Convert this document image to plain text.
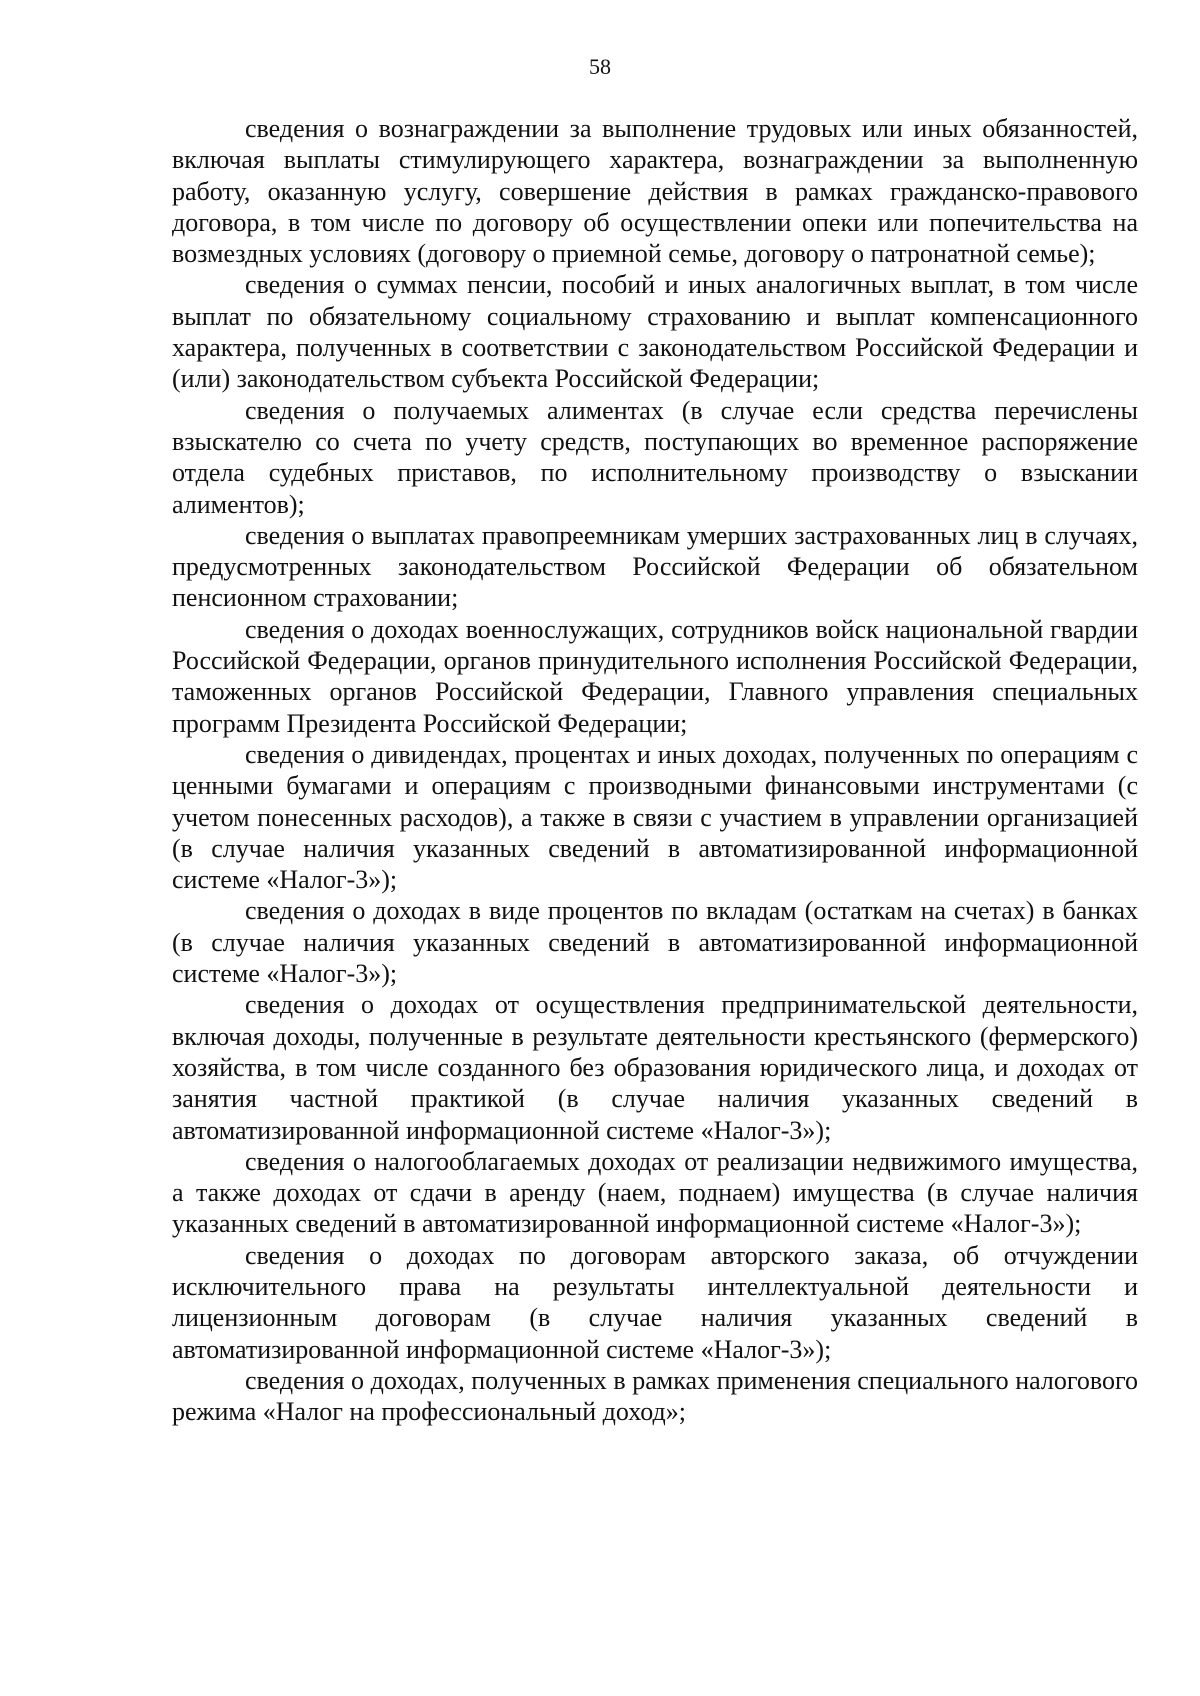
58

сведения о вознаграждении за выполнение трудовых или иных обязанностей, включая выплаты стимулирующего характера, вознаграждении за выполненную работу, оказанную услугу, совершение действия в рамках гражданско-правового договора, в том числе по договору об осуществлении опеки или попечительства на возмездных условиях (договору о приемной семье, договору о патронатной семье);

сведения о суммах пенсии, пособий и иных аналогичных выплат, в том числе выплат по обязательному социальному страхованию и выплат компенсационного характера, полученных в соответствии с законодательством Российской Федерации и (или) законодательством субъекта Российской Федерации;

сведения о получаемых алиментах (в случае если средства перечислены взыскателю со счета по учету средств, поступающих во временное распоряжение отдела судебных приставов, по исполнительному производству о взыскании алиментов);

сведения о выплатах правопреемникам умерших застрахованных лиц в случаях, предусмотренных законодательством Российской Федерации об обязательном пенсионном страховании;

сведения о доходах военнослужащих, сотрудников войск национальной гвардии Российской Федерации, органов принудительного исполнения Российской Федерации, таможенных органов Российской Федерации, Главного управления специальных программ Президента Российской Федерации;

сведения о дивидендах, процентах и иных доходах, полученных по операциям с ценными бумагами и операциям с производными финансовыми инструментами (с учетом понесенных расходов), а также в связи с участием в управлении организацией (в случае наличия указанных сведений в автоматизированной информационной системе «Налог-3»);

сведения о доходах в виде процентов по вкладам (остаткам на счетах) в банках (в случае наличия указанных сведений в автоматизированной информационной системе «Налог-3»);

сведения о доходах от осуществления предпринимательской деятельности, включая доходы, полученные в результате деятельности крестьянского (фермерского) хозяйства, в том числе созданного без образования юридического лица, и доходах от занятия частной практикой (в случае наличия указанных сведений в автоматизированной информационной системе «Налог-3»);

сведения о налогооблагаемых доходах от реализации недвижимого имущества, а также доходах от сдачи в аренду (наем, поднаем) имущества (в случае наличия указанных сведений в автоматизированной информационной системе «Налог-3»);

сведения о доходах по договорам авторского заказа, об отчуждении исключительного права на результаты интеллектуальной деятельности и лицензионным договорам (в случае наличия указанных сведений в автоматизированной информационной системе «Налог-3»);

сведения о доходах, полученных в рамках применения специального налогового режима «Налог на профессиональный доход»;
